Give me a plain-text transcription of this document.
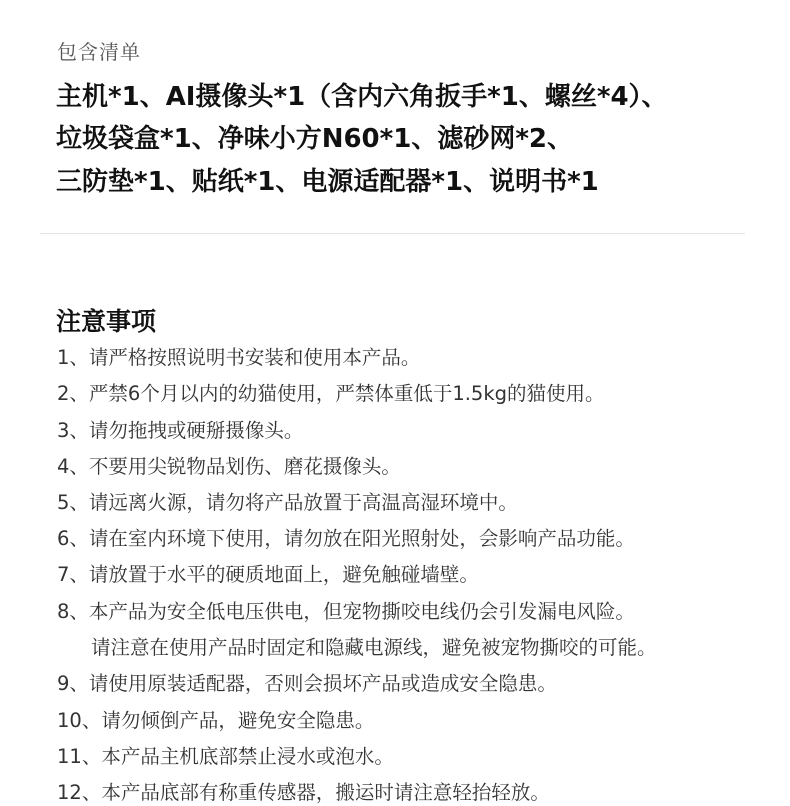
包含清单
主机*1、AI摄像头*1（含内六角扳手*1、螺丝*4）、
垃圾袋盒*1、净味小方N60*1、滤砂网*2、
三防垫*1、贴纸*1、电源适配器*1、说明书*1
注意事项
1、请严格按照说明书安装和使用本产品。
2、严禁6个月以内的幼猫使用，严禁体重低于1.5kg的猫使用。
3、请勿拖拽或硬掰摄像头。
4、不要用尖锐物品划伤、磨花摄像头。
5、请远离火源，请勿将产品放置于高温高湿环境中。
6、请在室内环境下使用，请勿放在阳光照射处，会影响产品功能。
7、请放置于水平的硬质地面上，避免触碰墙壁。
8、本产品为安全低电压供电，但宠物撕咬电线仍会引发漏电风险。
请注意在使用产品时固定和隐藏电源线，避免被宠物撕咬的可能。
9、请使用原装适配器，否则会损坏产品或造成安全隐患。
10、请勿倾倒产品，避免安全隐患。
11、本产品主机底部禁止浸水或泡水。
12、本产品底部有称重传感器，搬运时请注意轻抬轻放。
